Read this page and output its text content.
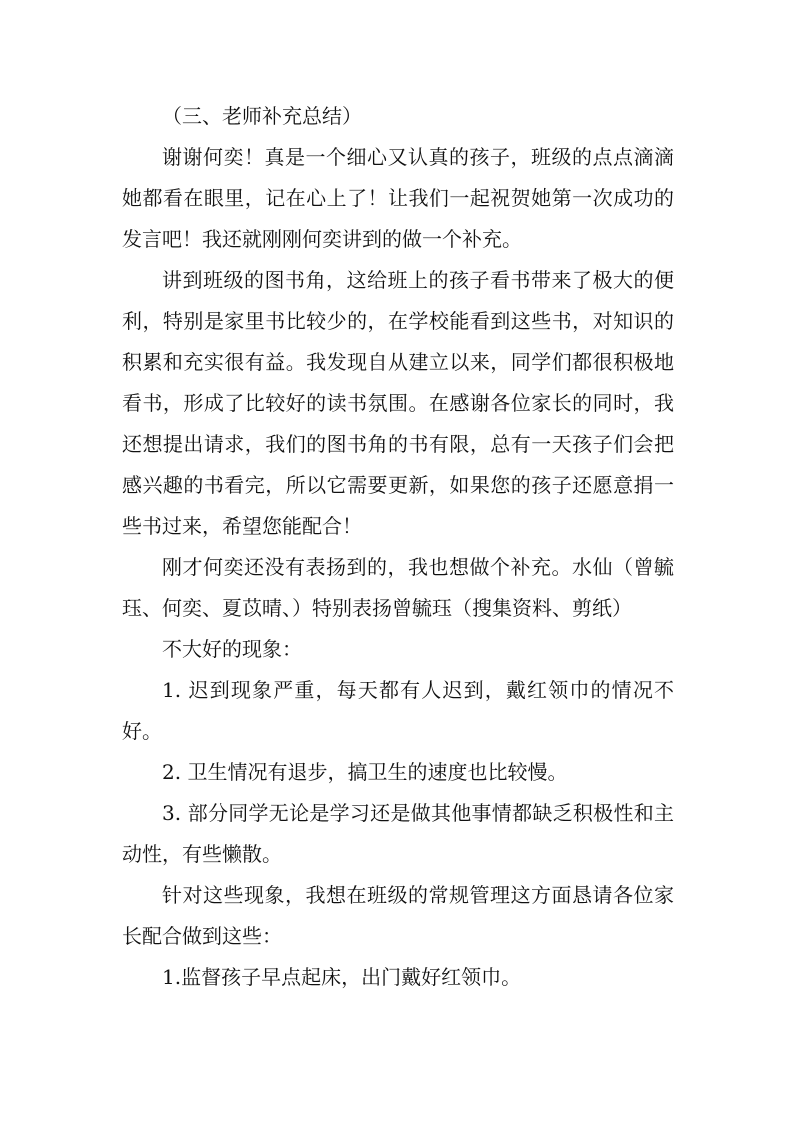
（三、老师补充总结）

谢谢何奕！真是一个细心又认真的孩子，班级的点点滴滴她都看在眼里，记在心上了！让我们一起祝贺她第一次成功的发言吧！我还就刚刚何奕讲到的做一个补充。

讲到班级的图书角，这给班上的孩子看书带来了极大的便利，特别是家里书比较少的，在学校能看到这些书，对知识的积累和充实很有益。我发现自从建立以来，同学们都很积极地看书，形成了比较好的读书氛围。在感谢各位家长的同时，我还想提出请求，我们的图书角的书有限，总有一天孩子们会把感兴趣的书看完，所以它需要更新，如果您的孩子还愿意捐一些书过来，希望您能配合！

刚才何奕还没有表扬到的，我也想做个补充。水仙（曾毓珏、何奕、夏苡晴、）特别表扬曾毓珏（搜集资料、剪纸）

不大好的现象：

1. 迟到现象严重，每天都有人迟到，戴红领巾的情况不好。

2. 卫生情况有退步，搞卫生的速度也比较慢。

3. 部分同学无论是学习还是做其他事情都缺乏积极性和主动性，有些懒散。

针对这些现象，我想在班级的常规管理这方面恳请各位家长配合做到这些：

1.监督孩子早点起床，出门戴好红领巾。
